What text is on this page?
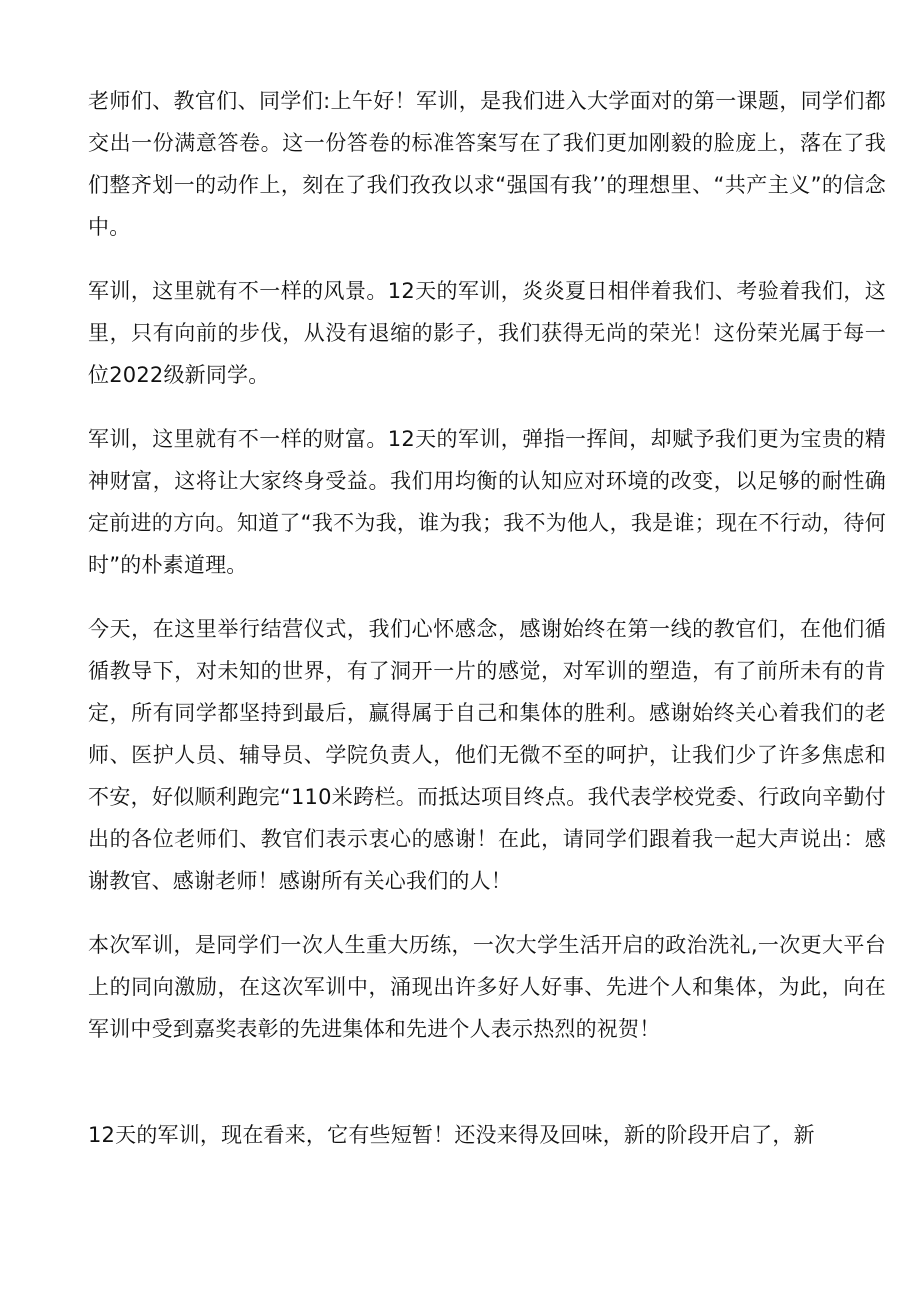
老师们、教官们、同学们:上午好！军训，是我们进入大学面对的第一课题，同学们都交出一份满意答卷。这一份答卷的标准答案写在了我们更加刚毅的脸庞上，落在了我们整齐划一的动作上，刻在了我们孜孜以求“强国有我’’的理想里、“共产主义”的信念中。

军训，这里就有不一样的风景。12天的军训，炎炎夏日相伴着我们、考验着我们，这里，只有向前的步伐，从没有退缩的影子，我们获得无尚的荣光！这份荣光属于每一位2022级新同学。

军训，这里就有不一样的财富。12天的军训，弹指一挥间，却赋予我们更为宝贵的精神财富，这将让大家终身受益。我们用均衡的认知应对环境的改变，以足够的耐性确定前进的方向。知道了“我不为我，谁为我；我不为他人，我是谁；现在不行动，待何时”的朴素道理。

今天，在这里举行结营仪式，我们心怀感念，感谢始终在第一线的教官们，在他们循循教导下，对未知的世界，有了洞开一片的感觉，对军训的塑造，有了前所未有的肯定，所有同学都坚持到最后，赢得属于自己和集体的胜利。感谢始终关心着我们的老师、医护人员、辅导员、学院负责人，他们无微不至的呵护，让我们少了许多焦虑和不安，好似顺利跑完“110米跨栏。而抵达项目终点。我代表学校党委、行政向辛勤付出的各位老师们、教官们表示衷心的感谢！在此，请同学们跟着我一起大声说出：感谢教官、感谢老师！感谢所有关心我们的人！

本次军训，是同学们一次人生重大历练，一次大学生活开启的政治洗礼,一次更大平台上的同向激励，在这次军训中，涌现出许多好人好事、先进个人和集体，为此，向在军训中受到嘉奖表彰的先进集体和先进个人表示热烈的祝贺！

12天的军训，现在看来，它有些短暂！还没来得及回味，新的阶段开启了，新
